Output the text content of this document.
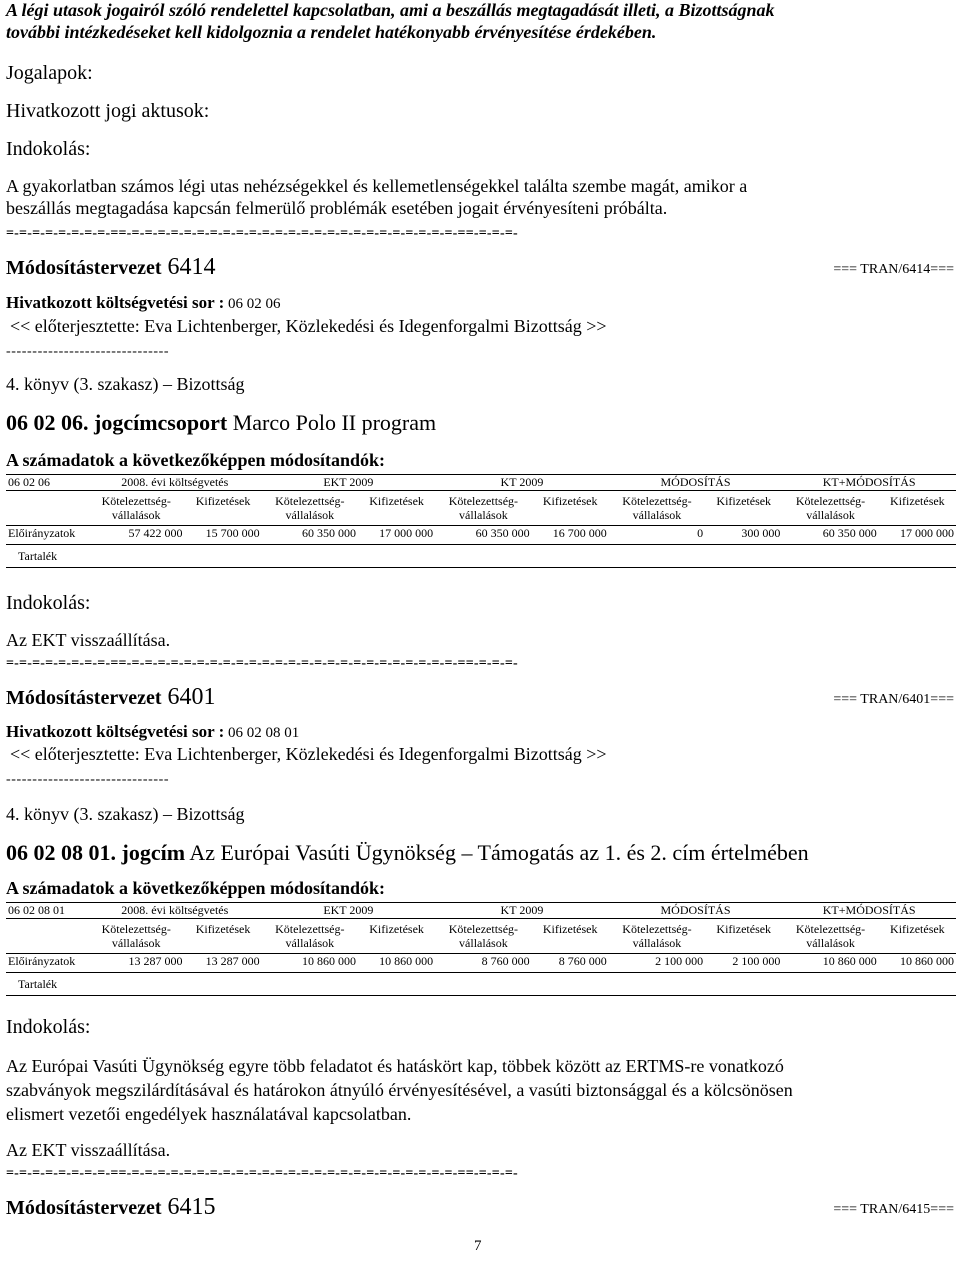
A légi utasok jogairól szóló rendelettel kapcsolatban, ami a beszállás megtagadását illeti, a Bizottságnak
további intézkedéseket kell kidolgoznia a rendelet hatékonyabb érvényesítése érdekében.
Jogalapok:
Hivatkozott jogi aktusok:
Indokolás:
A gyakorlatban számos légi utas nehézségekkel és kellemetlenségekkel találta szembe magát, amikor a
beszállás megtagadása kapcsán felmerülő problémák esetében jogait érvényesíteni próbálta.
=-=-=-=-=-=-=-=-==-=-=-=-=-=-=-=-=-=-=-=-=-=-=-=-=-=-=-=-=-=-=-=-=-=-==-=-=-=-
Módosítástervezet 6414	=== TRAN/6414===
Hivatkozott költségvetési sor : 06 02 06
<< előterjesztette: Eva Lichtenberger, Közlekedési és Idegenforgalmi Bizottság >>
-------------------------------
4. könyv (3. szakasz) – Bizottság
06 02 06. jogcímcsoport Marco Polo II program
A számadatok a következőképpen módosítandók:
06 02 06	2008. évi költségvetés		EKT 2009		KT 2009		MÓDOSÍTÁS		KT+MÓDOSÍTÁS	
	Kötelezettség-
vállalások	Kifizetések	Kötelezettség-
vállalások	Kifizetések	Kötelezettség-
vállalások	Kifizetések	Kötelezettség-
vállalások	Kifizetések	Kötelezettség-
vállalások	Kifizetések
Előirányzatok	57 422 000	15 700 000	60 350 000	17 000 000	60 350 000	16 700 000	0	300 000	60 350 000	17 000 000
Tartalék										
Indokolás:
Az EKT visszaállítása.
=-=-=-=-=-=-=-=-==-=-=-=-=-=-=-=-=-=-=-=-=-=-=-=-=-=-=-=-=-=-=-=-=-=-==-=-=-=-
Módosítástervezet 6401	=== TRAN/6401===
Hivatkozott költségvetési sor : 06 02 08 01
<< előterjesztette: Eva Lichtenberger, Közlekedési és Idegenforgalmi Bizottság >>
-------------------------------
4. könyv (3. szakasz) – Bizottság
06 02 08 01. jogcím Az Európai Vasúti Ügynökség – Támogatás az 1. és 2. cím értelmében
A számadatok a következőképpen módosítandók:
06 02 08 01	2008. évi költségvetés		EKT 2009		KT 2009		MÓDOSÍTÁS		KT+MÓDOSÍTÁS	
	Kötelezettség-
vállalások	Kifizetések	Kötelezettség-
vállalások	Kifizetések	Kötelezettség-
vállalások	Kifizetések	Kötelezettség-
vállalások	Kifizetések	Kötelezettség-
vállalások	Kifizetések
Előirányzatok	13 287 000	13 287 000	10 860 000	10 860 000	8 760 000	8 760 000	2 100 000	2 100 000	10 860 000	10 860 000
Tartalék										
Indokolás:
Az Európai Vasúti Ügynökség egyre több feladatot és hatáskört kap, többek között az ERTMS-re vonatkozó
szabványok megszilárdításával és határokon átnyúló érvényesítésével, a vasúti biztonsággal és a kölcsönösen
elismert vezetői engedélyek használatával kapcsolatban.
Az EKT visszaállítása.
=-=-=-=-=-=-=-=-==-=-=-=-=-=-=-=-=-=-=-=-=-=-=-=-=-=-=-=-=-=-=-=-=-=-==-=-=-=-
Módosítástervezet 6415	=== TRAN/6415===
7
